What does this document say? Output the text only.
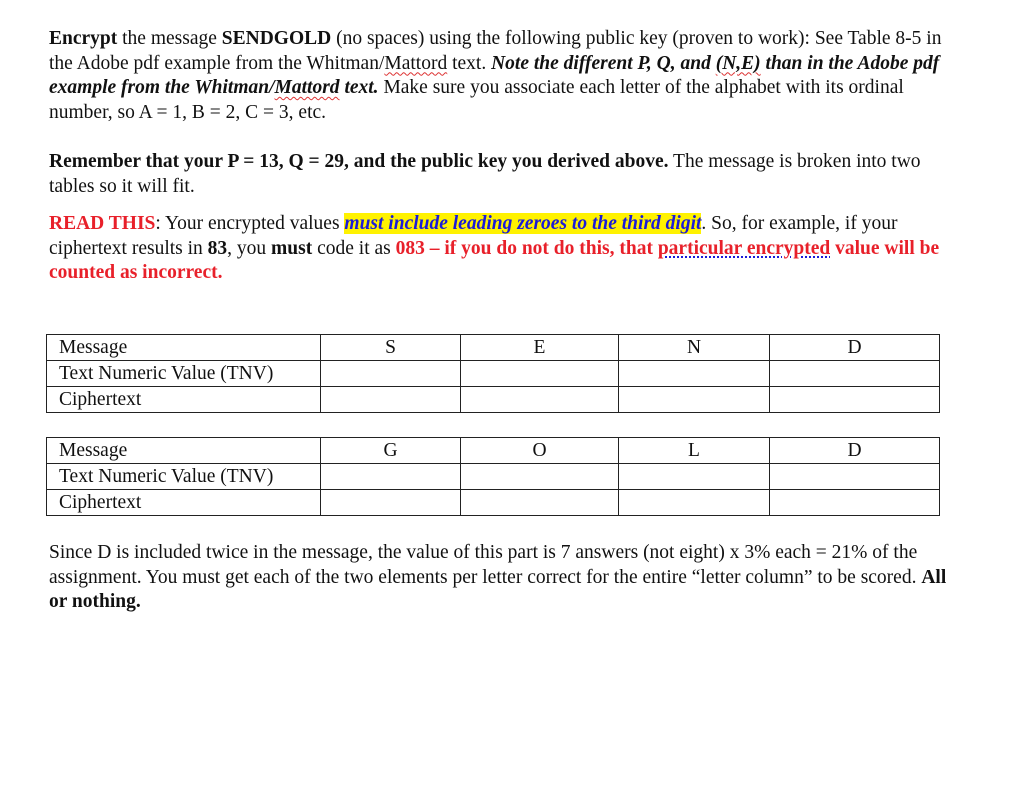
Encrypt the message SENDGOLD (no spaces) using the following public key (proven to work): See Table 8-5 in the Adobe pdf example from the Whitman/Mattord text. Note the different P, Q, and (N,E) than in the Adobe pdf example from the Whitman/Mattord text. Make sure you associate each letter of the alphabet with its ordinal number, so A = 1, B = 2, C = 3, etc.
Remember that your P = 13, Q = 29, and the public key you derived above. The message is broken into two tables so it will fit.
READ THIS: Your encrypted values must include leading zeroes to the third digit. So, for example, if your ciphertext results in 83, you must code it as 083 – if you do not do this, that particular encrypted value will be counted as incorrect.
Message	S	E	N	D
Text Numeric Value (TNV)				
Ciphertext				
Message	G	O	L	D
Text Numeric Value (TNV)				
Ciphertext				
Since D is included twice in the message, the value of this part is 7 answers (not eight) x 3% each = 21% of the assignment. You must get each of the two elements per letter correct for the entire “letter column” to be scored. All or nothing.
